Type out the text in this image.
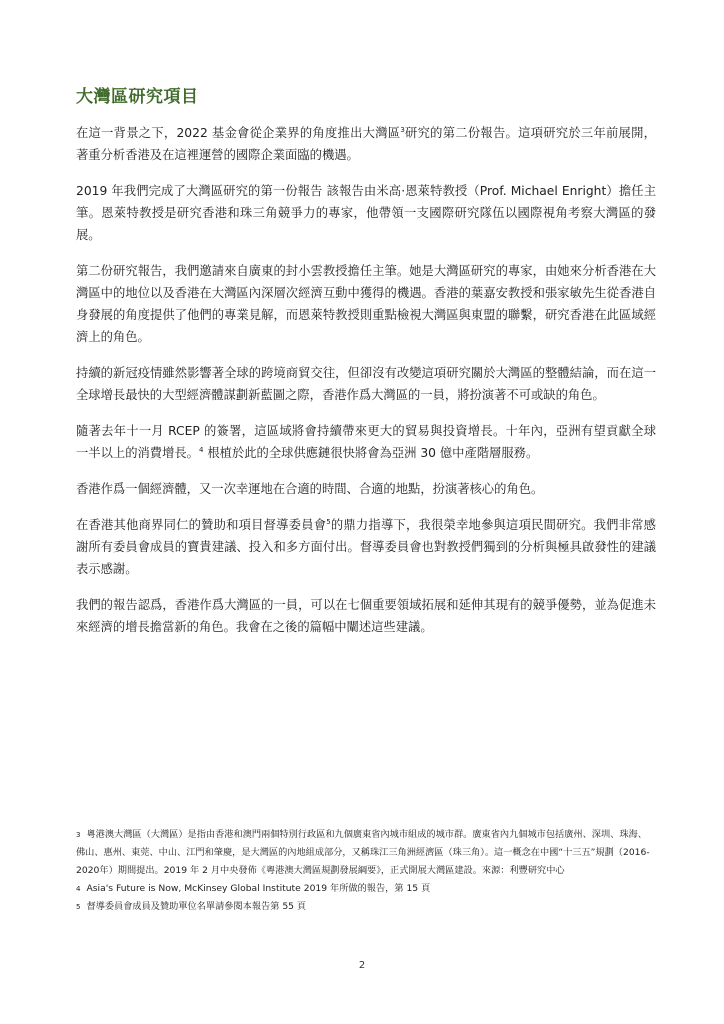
大灣區研究項目

在這一背景之下，2022 基金會從企業界的角度推出大灣區$^3$研究的第二份報告。這項研究於三年前展開，著重分析香港及在這裡運營的國際企業面臨的機遇。

2019 年我們完成了大灣區研究的第一份報告 該報告由米高·恩萊特教授（Prof. Michael Enright）擔任主筆。恩萊特教授是研究香港和珠三角競爭力的專家，他帶領一支國際研究隊伍以國際視角考察大灣區的發展。

第二份研究報告，我們邀請來自廣東的封小雲教授擔任主筆。她是大灣區研究的專家，由她來分析香港在大灣區中的地位以及香港在大灣區內深層次經濟互動中獲得的機遇。香港的葉嘉安教授和張家敏先生從香港自身發展的角度提供了他們的專業見解，而恩萊特教授則重點檢視大灣區與東盟的聯繫，研究香港在此區域經濟上的角色。

持續的新冠疫情雖然影響著全球的跨境商貿交往，但卻沒有改變這項研究關於大灣區的整體結論，而在這一全球增長最快的大型經濟體謀劃新藍圖之際，香港作爲大灣區的一員，將扮演著不可或缺的角色。

隨著去年十一月 RCEP 的簽署，這區域將會持續帶來更大的貿易與投資增長。十年內，亞洲有望貢獻全球一半以上的消費增長。$^4$ 根植於此的全球供應鏈很快將會為亞洲 30 億中產階層服務。

香港作爲一個經濟體，又一次幸運地在合適的時間、合適的地點，扮演著核心的角色。

在香港其他商界同仁的贊助和項目督導委員會$^5$的鼎力指導下，我很榮幸地參與這項民間研究。我們非常感謝所有委員會成員的寶貴建議、投入和多方面付出。督導委員會也對教授們獨到的分析與極具啟發性的建議表示感謝。

我們的報告認爲，香港作爲大灣區的一員，可以在七個重要領域拓展和延伸其現有的競爭優勢，並為促進未來經濟的增長擔當新的角色。我會在之後的篇幅中闡述這些建議。

$^3$ 粵港澳大灣區（大灣區）是指由香港和澳門兩個特別行政區和九個廣東省內城市組成的城市群。廣東省內九個城市包括廣州、深圳、珠海、佛山、惠州、東莞、中山、江門和肇慶，是大灣區的內地組成部分，又稱珠江三角洲經濟區（珠三角）。這一概念在中國“十三五”規劃（2016-2020年）期間提出。2019 年 2 月中央發佈《粵港澳大灣區規劃發展綱要》，正式開展大灣區建設。來源：利豐研究中心

$^4$ Asia's Future is Now, McKinsey Global Institute 2019 年所做的報告，第 15 頁

$^5$ 督導委員會成員及贊助單位名單請參閱本報告第 55 頁

2
